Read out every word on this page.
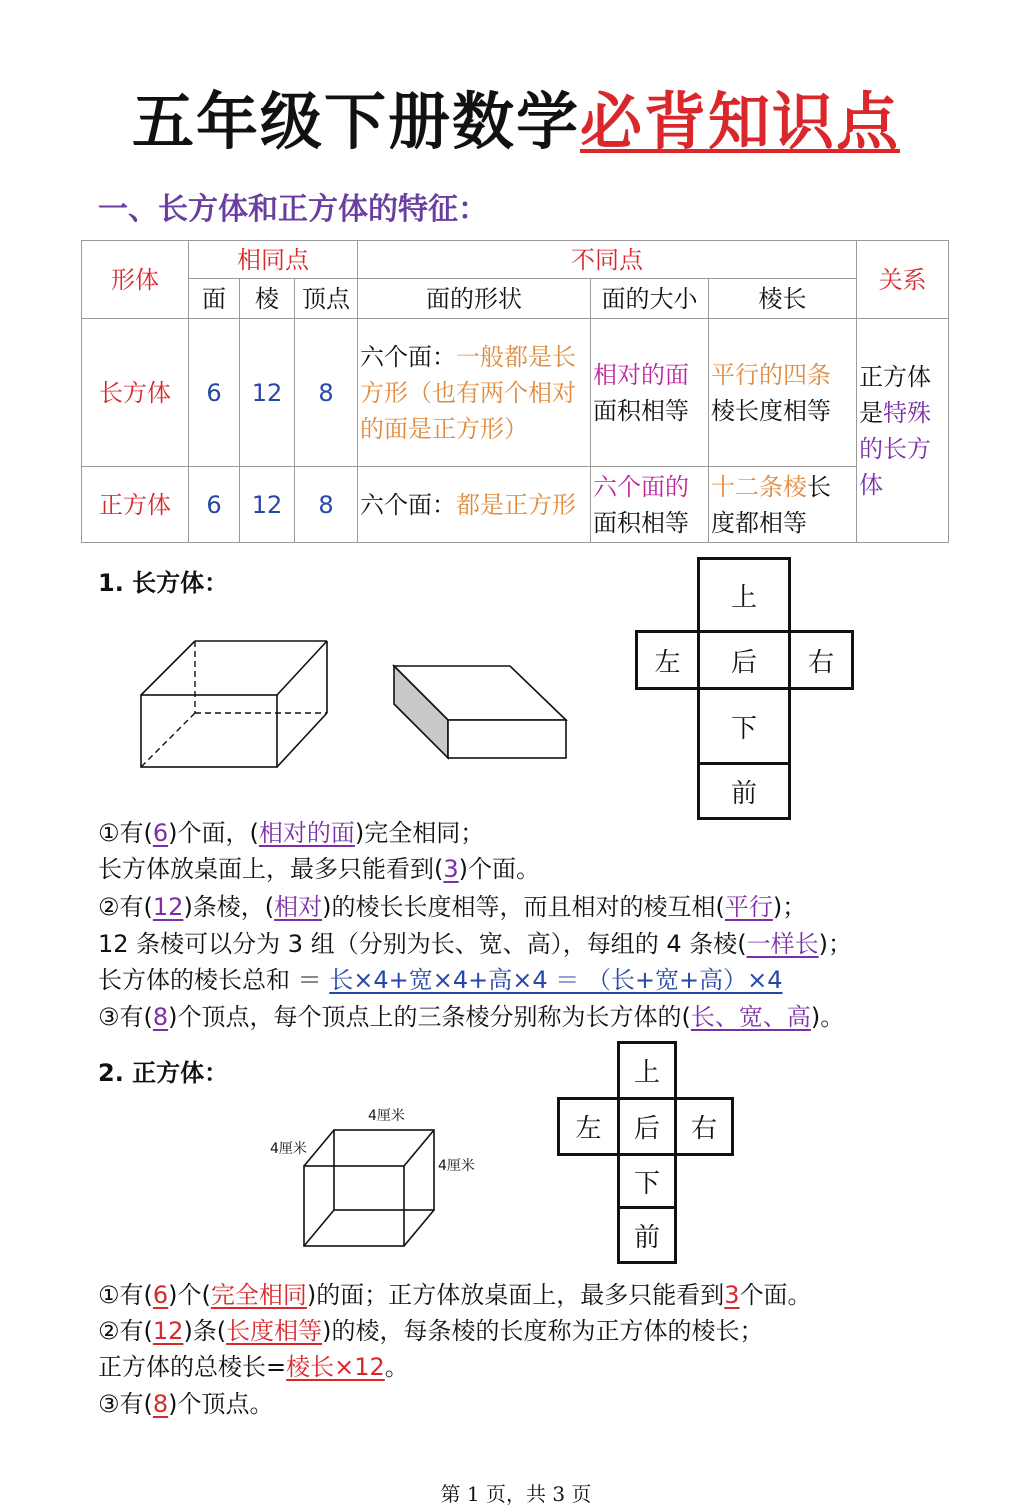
五年级下册数学必背知识点
一、长方体和正方体的特征：
形体	相同点			不同点			关系
	面	棱	顶点	面的形状	面的大小	棱长	
长方体	6	12	8	六个面：一般都是长方形（也有两个相对的面是正方形）	相对的面面积相等	平行的四条棱长度相等	正方体是特殊的长方体
正方体	6	12	8	六个面：都是正方形	六个面的面积相等	十二条棱长度都相等	
1. 长方体：	上
左	后	右
下
前
①有(6)个面，(相对的面)完全相同；
长方体放桌面上，最多只能看到(3)个面。
②有(12)条棱，(相对)的棱长长度相等，而且相对的棱互相(平行)；
12 条棱可以分为 3 组（分别为长、宽、高），每组的 4 条棱(一样长)；
长方体的棱长总和 ＝ 长×4+宽×4+高×4 ＝ （长+宽+高）×4
③有(8)个顶点，每个顶点上的三条棱分别称为长方体的(长、宽、高)。
2. 正方体：
4厘米
4厘米
4厘米
上
左	后	右
下
前
①有(6)个(完全相同)的面；正方体放桌面上，最多只能看到3个面。
②有(12)条(长度相等)的棱，每条棱的长度称为正方体的棱长；
正方体的总棱长=棱长×12。
③有(8)个顶点。
第 1 页，共 3 页
